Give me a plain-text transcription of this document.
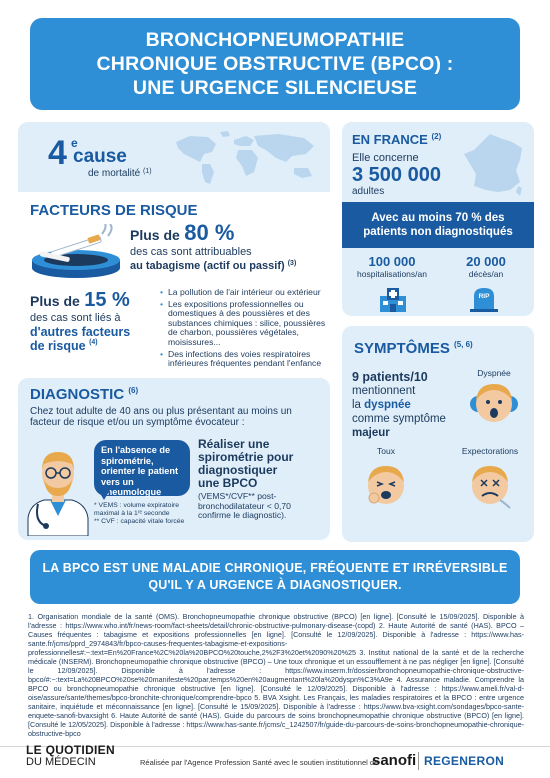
BRONCHOPNEUMOPATHIE
CHRONIQUE OBSTRUCTIVE (BPCO) :
UNE URGENCE SILENCIEUSE
4 e
cause
de mortalité $^{(1)}$
FACTEURS DE RISQUE
Plus de 80 %
des cas sont attribuables
au tabagisme (actif ou passif) $^{(3)}$
Plus de 15 %
des cas sont liés à
d'autres facteurs
de risque $^{(4)}$
• La pollution de l'air intérieur ou extérieur
• Les expositions professionnelles ou domestiques à des poussières et des substances chimiques : silice, poussières de charbon, poussières végétales, moisissures...
• Des infections des voies respiratoires inférieures fréquentes pendant l'enfance
DIAGNOSTIC $^{(6)}$
Chez tout adulte de 40 ans ou plus présentant au moins un facteur de risque et/ou un symptôme évocateur :
En l'absence de spirométrie, orienter le patient vers un pneumologue
* VEMS : volume expiratoire maximal à la 1ʳᵉ seconde
** CVF : capacité vitale forcée
Réaliser une
spirométrie pour
diagnostiquer
une BPCO
(VEMS*/CVF** post-bronchodilatateur < 0,70 confirme le diagnostic).
EN FRANCE $^{(2)}$
Elle concerne
3 500 000
adultes
Avec au moins 70 % des
patients non diagnostiqués
100 000
hospitalisations/an
20 000
décès/an
RIP
SYMPTÔMES $^{(5, 6)}$
9 patients/10
mentionnent
la dyspnée
comme symptôme
majeur
Dyspnée
Toux	Expectorations
LA BPCO EST UNE MALADIE CHRONIQUE, FRÉQUENTE ET IRRÉVERSIBLE
QU'IL Y A URGENCE À DIAGNOSTIQUER.
1. Organisation mondiale de la santé (OMS). Bronchopneumopathie chronique obstructive (BPCO) [en ligne]. [Consulté le 15/09/2025]. Disponible à l'adresse : https://www.who.int/fr/news-room/fact-sheets/detail/chronic-obstructive-pulmonary-disease-(copd) 2. Haute Autorité de santé (HAS). BPCO – Causes fréquentes : tabagisme et expositions professionnelles [en ligne]. [Consulté le 12/09/2025]. Disponible à l'adresse : https://www.has-sante.fr/jcms/pprd_2974843/fr/bpco-causes-frequentes-tabagisme-et-expositions-professionnelles#:~:text=En%20France%2C%20la%20BPCO%20touche,2%2F3%20et%2090%20%25 3. Institut national de la santé et de la recherche médicale (INSERM). Bronchopneumopathie chronique obstructive (BPCO) – Une toux chronique et un essoufflement à ne pas négliger [en ligne]. [Consulté le 12/09/2025]. Disponible à l'adresse : https://www.inserm.fr/dossier/bronchopneumopathie-chronique-obstructive-bpco/#:~:text=La%20BPCO%20se%20manifeste%20par,temps%20en%20augmentant%20la%20dyspn%C3%A9e 4. Assurance maladie. Comprendre la BPCO ou bronchopneumopathie chronique obstructive [en ligne]. [Consulté le 12/09/2025]. Disponible à l'adresse : https://www.ameli.fr/val-d-oise/assure/sante/themes/bpco-bronchite-chronique/comprendre-bpco 5. BVA Xsight. Les Français, les maladies respiratoires et la BPCO : entre urgence sanitaire, inquiétude et méconnaissance [en ligne]. [Consulté le 15/09/2025]. Disponible à l'adresse : https://www.bva-xsight.com/sondages/bpco-sante-enquete-sanofi-bvaxsight 6. Haute Autorité de santé (HAS). Guide du parcours de soins bronchopneumopathie chronique obstructive (BPCO) [en ligne]. [Consulté le 12/05/2025]. Disponible à l'adresse : https://www.has-sante.fr/jcms/c_1242507/fr/guide-du-parcours-de-soins-bronchopneumopathie-chronique-obstructive-bpco
LE QUOTIDIEN
DU MÉDECIN	Réalisée par l'Agence Profession Santé avec le soutien institutionnel de
sanofi REGENERON
